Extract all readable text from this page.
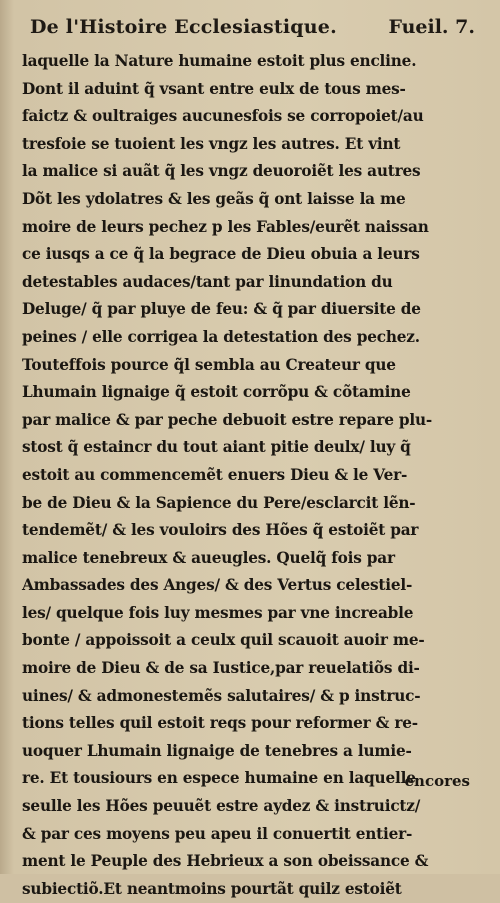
De l'Histoire Ecclesiastique.	Fueil. 7.
laquelle la Nature humaine estoit plus encline.
Dont il aduint q̃ vsant entre eulx de tous mes-
faictz & oultraiges aucunesfois se corropoiet/au
tresfoie se tuoient les vngz les autres. Et vint
la malice si auãt q̃ les vngz deuoroiẽt les autres
Dõt les ydolatres & les geãs q̃ ont laisse la me
moire de leurs pechez p les Fables/eurẽt naissan
ce iusqs a ce q̃ la begrace de Dieu obuia a leurs
detestables audaces/tant par linundation du
Deluge/ q̃ par pluye de feu: & q̃ par diuersite de
peines / elle corrigea la detestation des pechez.
Touteffois pource q̃l sembla au Createur que
Lhumain lignaige q̃ estoit corrõpu & cõtamine
par malice & par peche debuoit estre repare plu-
stost q̃ estaincr du tout aiant pitie deulx/ luy q̃
estoit au commencemẽt enuers Dieu & le Ver-
be de Dieu & la Sapience du Pere/esclarcit lẽn-
tendemẽt/ & les vouloirs des Hões q̃ estoiẽt par
malice tenebreux & aueugles. Quelq̃ fois par
Ambassades des Anges/ & des Vertus celestiel-
les/ quelque fois luy mesmes par vne increable
bonte / appoissoit a ceulx quil scauoit auoir me-
moire de Dieu & de sa Iustice,par reuelatiõs di-
uines/ & admonestemẽs salutaires/ & p instruc-
tions telles quil estoit reqs pour reformer & re-
uoquer Lhumain lignaige de tenebres a lumie-
re. Et tousiours en espece humaine en laquelle
seulle les Hões peuuẽt estre aydez & instruictz/
& par ces moyens peu apeu il conuertit entier-
ment le Peuple des Hebrieux a son obeissance &
subiectiõ.Et neantmoins pourtãt quilz estoiẽt
encores
